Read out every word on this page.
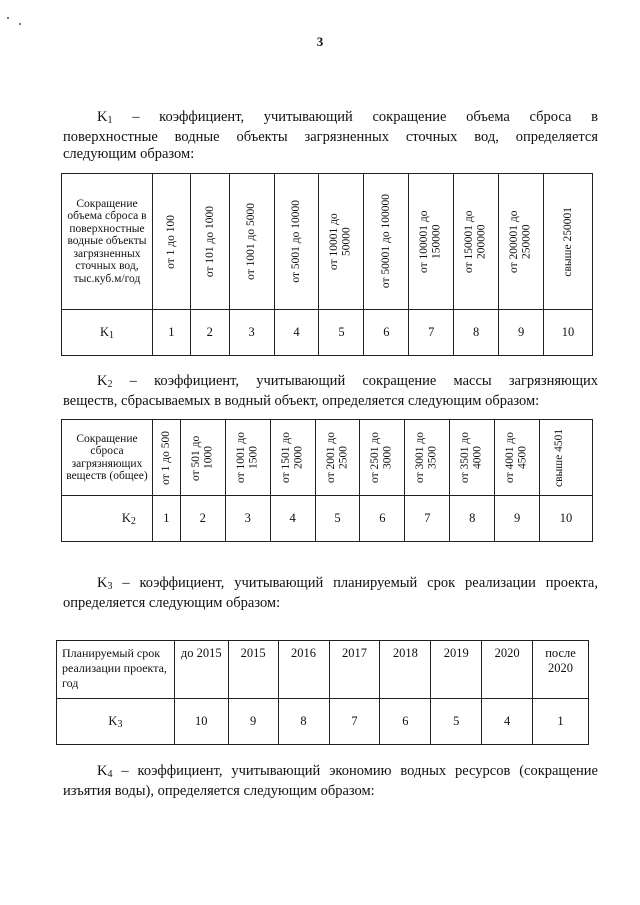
3
$K_1$ – коэффициент, учитывающий сокращение объема сброса в
поверхностные водные объекты загрязненных сточных вод, определяется
следующим образом:
Сокращение объема сброса в поверхностные водные объекты загрязненных сточных вод, тыс.куб.м/год	от 1 до 100	от 101 до 1000	от 1001 до 5000	от 5001 до 10000	от 10001 до 50000	от 50001 до 100000	от 100001 до 150000	от 150001 до 200000	от 200001 до 250000	свыше 250001

$K_1$	1	2	3	4	5	6	7	8	9	10
$K_2$ – коэффициент, учитывающий сокращение массы загрязняющих
веществ, сбрасываемых в водный объект, определяется следующим образом:
Сокращение сброса загрязняющих веществ (общее)	от 1 до 500	от 501 до 1000	от 1001 до 1500	от 1501 до 2000	от 2001 до 2500	от 2501 до 3000	от 3001 до 3500	от 3501 до 4000	от 4001 до 4500	свыше 4501

$K_2$	1	2	3	4	5	6	7	8	9	10
$K_3$ – коэффициент, учитывающий планируемый срок реализации проекта,
определяется следующим образом:
Планируемый срок реализации проекта, год	до 2015	2015	2016	2017	2018	2019	2020	после 2020
$K_3$	10	9	8	7	6	5	4	1
$K_4$ – коэффициент, учитывающий экономию водных ресурсов (сокращение
изъятия воды), определяется следующим образом:
